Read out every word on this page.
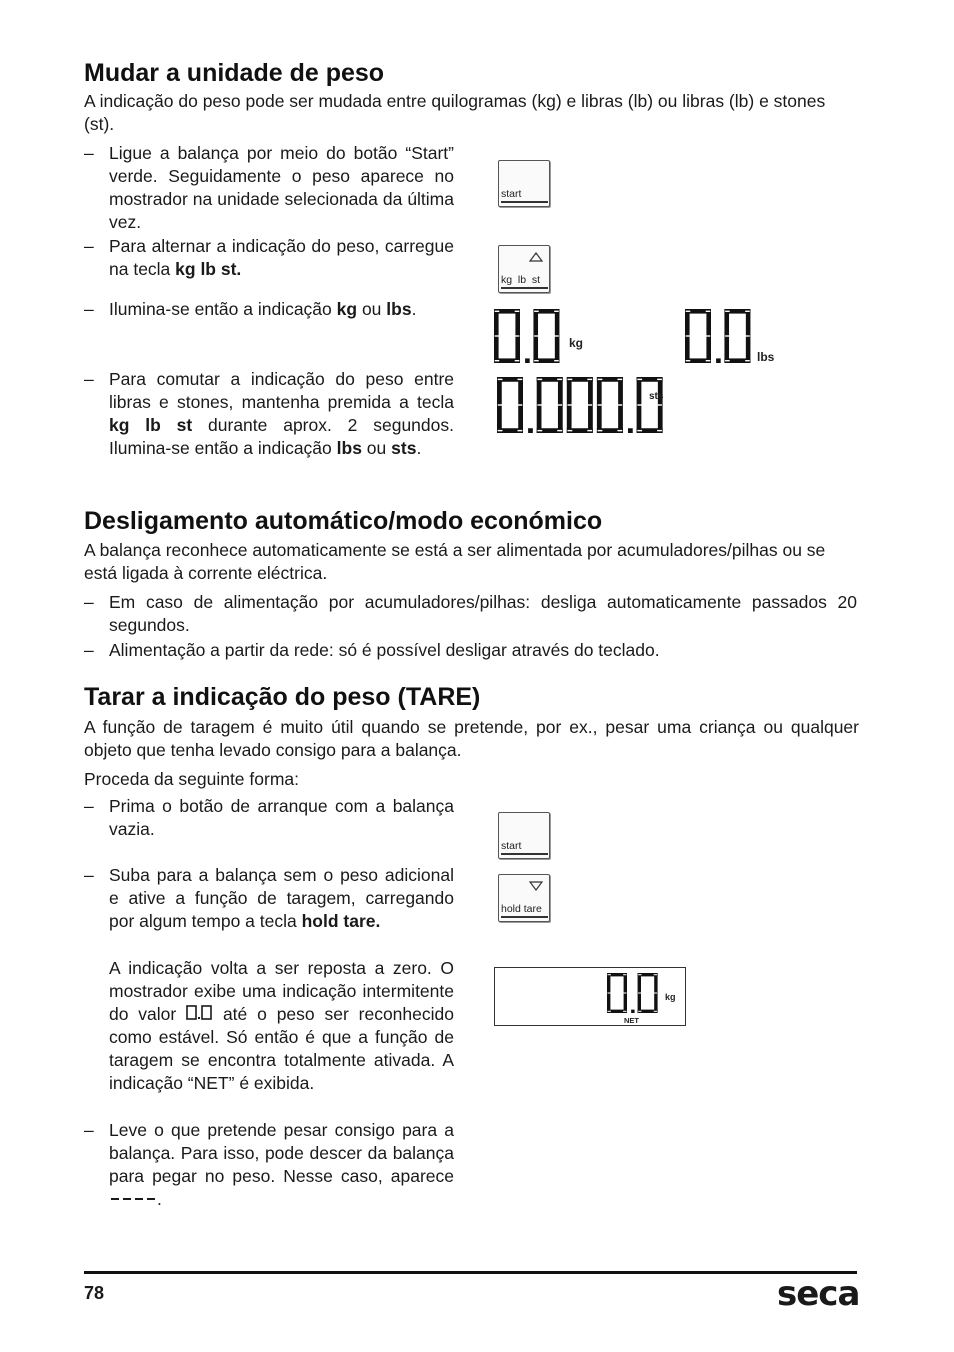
Mudar a unidade de peso
A indicação do peso pode ser mudada entre quilogramas (kg) e libras (lb) ou libras (lb) e stones (st).
– Ligue a balança por meio do botão “Start” verde. Seguidamente o peso aparece no mostrador na unidade selecionada da última vez.
– Para alternar a indicação do peso, carregue na tecla kg lb st.
– Ilumina-se então a indicação kg ou lbs.
– Para comutar a indicação do peso entre libras e stones, mantenha premida a tecla kg lb st durante aprox. 2 segundos. Ilumina-se então a indicação lbs ou sts.
start
kg  lb  st
kg
lbs
sts
Desligamento automático/modo económico
A balança reconhece automaticamente se está a ser alimentada por acumuladores/pilhas ou se está ligada à corrente eléctrica.
– Em caso de alimentação por acumuladores/pilhas: desliga automaticamente passados 20 segundos.
– Alimentação a partir da rede: só é possível desligar através do teclado.
Tarar a indicação do peso (TARE)
A função de taragem é muito útil quando se pretende, por ex., pesar uma criança ou qualquer objeto que tenha levado consigo para a balança.
Proceda da seguinte forma:
– Prima o botão de arranque com a balança vazia.
– Suba para a balança sem o peso adicional e ative a função de taragem, carregando por algum tempo a tecla hold tare.
A indicação volta a ser reposta a zero. O mostrador exibe uma indicação intermitente do valor  até o peso ser reconhecido como estável. Só então é que a função de taragem se encontra totalmente ativada. A indicação “NET” é exibida.
– Leve o que pretende pesar consigo para a balança. Para isso, pode descer da balança para pegar no peso. Nesse caso, aparece .
start
hold tare
kg
NET
78	seca
